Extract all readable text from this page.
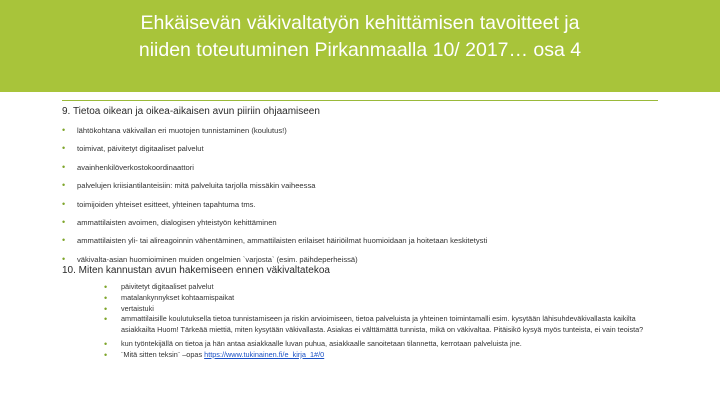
Ehkäisevän väkivaltatyön kehittämisen tavoitteet ja
niiden toteutuminen Pirkanmaalla 10/ 2017… osa 4
9. Tietoa oikean ja oikea-aikaisen avun piiriin ohjaamiseen
• lähtökohtana väkivallan eri muotojen tunnistaminen (koulutus!)
• toimivat, päivitetyt digitaaliset palvelut
• avainhenkilöverkostokoordinaattori
• palvelujen kriisiantilanteisiin: mitä palveluita tarjolla missäkin vaiheessa
• toimijoiden yhteiset esitteet, yhteinen tapahtuma tms.
• ammattilaisten avoimen, dialogisen yhteistyön kehittäminen
• ammattilaisten yli- tai alireagoinnin vähentäminen, ammattilaisten erilaiset häiriöilmat huomioidaan ja hoitetaan keskitetysti
• väkivalta-asian huomioiminen muiden ongelmien `varjosta` (esim. päihdeperheissä)
10. Miten kannustan avun hakemiseen ennen väkivaltatekoa
• päivitetyt digitaaliset palvelut
• matalankynnykset kohtaamispaikat
• vertaistuki
• ammattilaisille koulutuksella tietoa tunnistamiseen ja riskin arvioimiseen, tietoa palveluista ja yhteinen toimintamalli esim. kysytään lähisuhdeväkivallasta kaikilta asiakkailta Huom! Tärkeää miettiä, miten kysytään väkivallasta. Asiakas ei välttämättä tunnista, mikä on väkivaltaa. Pitäisikö kysyä myös tunteista, ei vain teoista?
• kun työntekijällä on tietoa ja hän antaa asiakkaalle luvan puhua, asiakkaalle sanoitetaan tilannetta, kerrotaan palveluista jne.
• ¨Mitä sitten teksin¨ –opas https://www.tukinainen.fi/e_kirja_1#/0
